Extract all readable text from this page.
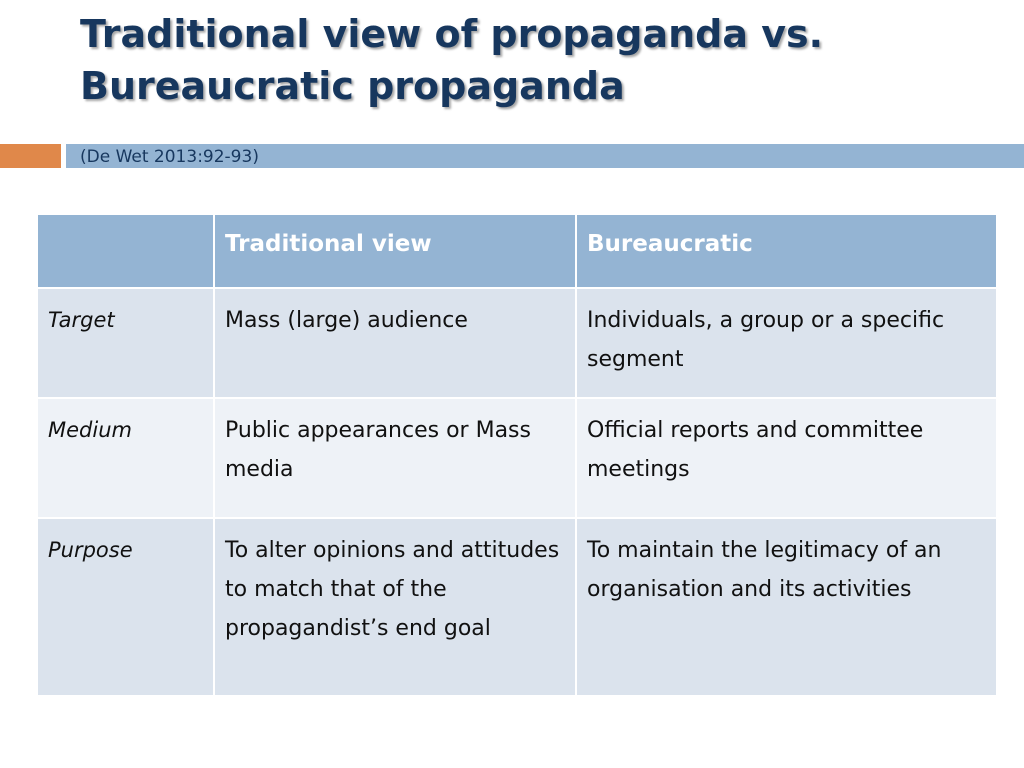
Traditional view of propaganda vs.
Bureaucratic propaganda
(De Wet 2013:92-93)
	Traditional view	Bureaucratic
Target	Mass (large) audience	Individuals, a group or a specific segment
Medium	Public appearances or Mass media	Official reports and committee meetings
Purpose	To alter opinions and attitudes to match that of the propagandist’s end goal	To maintain the legitimacy of an organisation and its activities
